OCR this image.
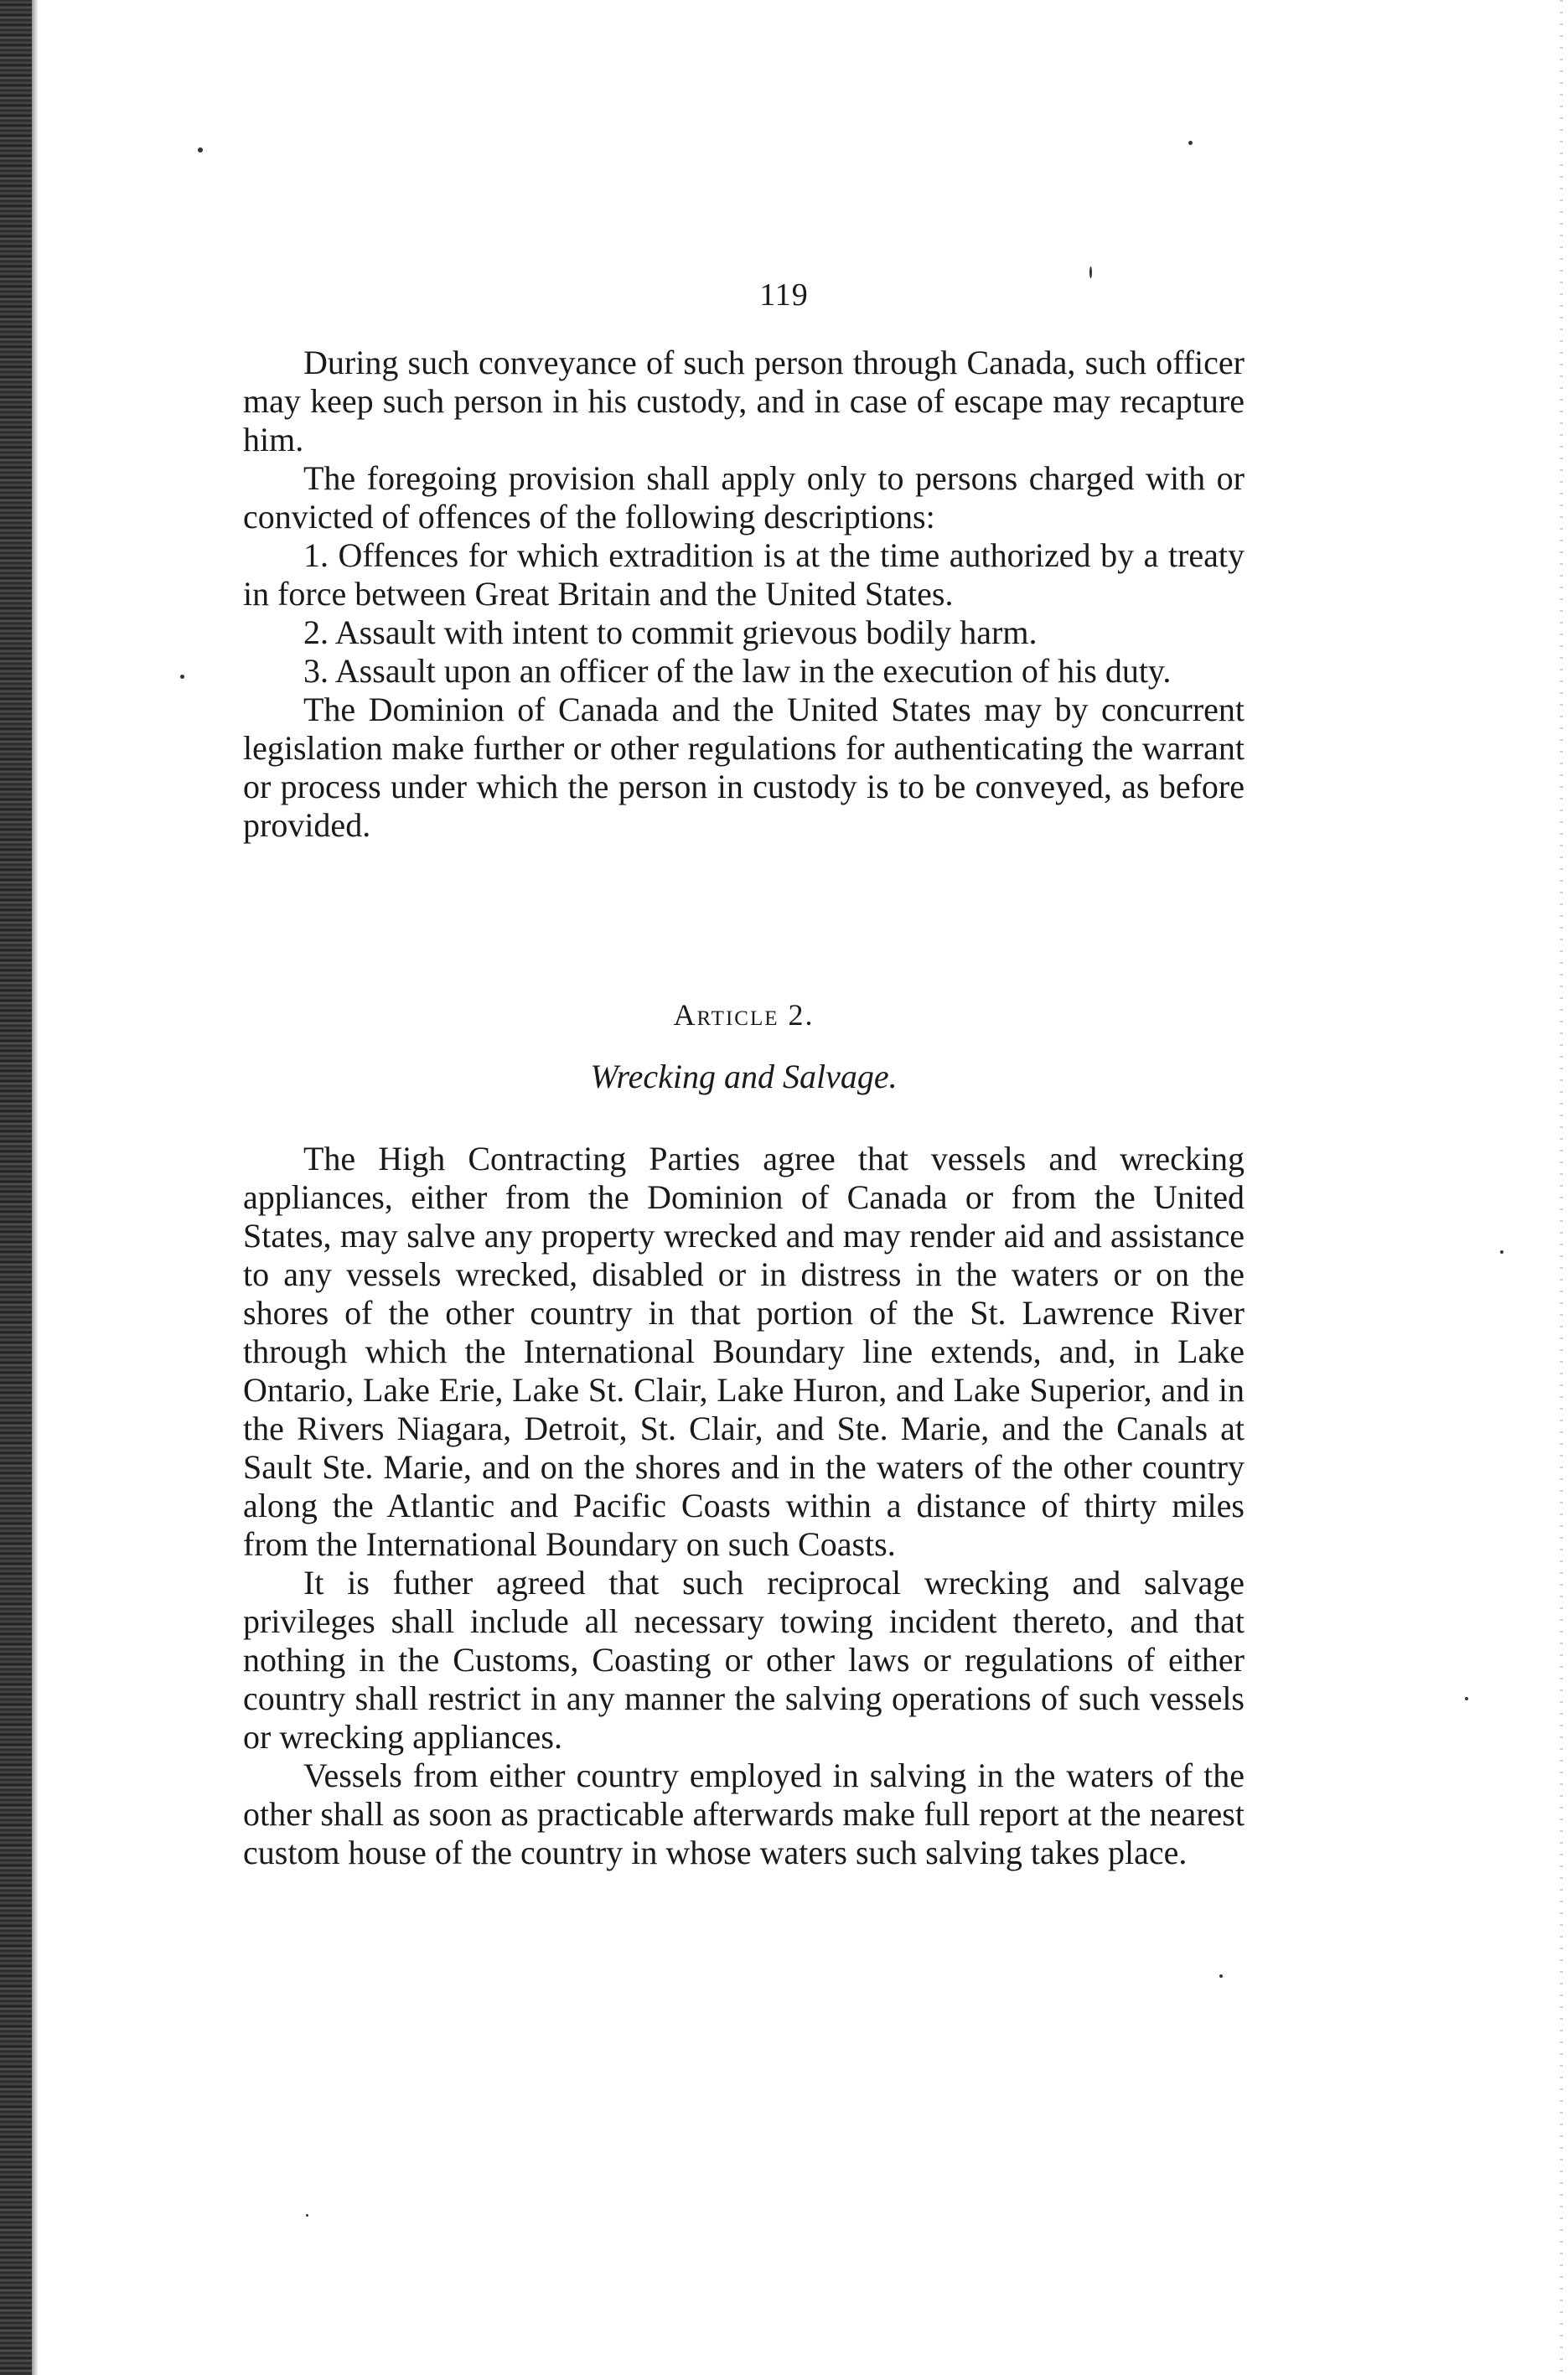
119

During such conveyance of such person through Canada, such officer may keep such person in his custody, and in case of escape may recapture him.

The foregoing provision shall apply only to persons charged with or convicted of offences of the following descriptions:

1. Offences for which extradition is at the time authorized by a treaty in force between Great Britain and the United States.

2. Assault with intent to commit grievous bodily harm.

3. Assault upon an officer of the law in the execution of his duty.

The Dominion of Canada and the United States may by concurrent legislation make further or other regulations for authenticating the warrant or process under which the person in custody is to be conveyed, as before provided.

Article 2.

Wrecking and Salvage.

The High Contracting Parties agree that vessels and wrecking appliances, either from the Dominion of Canada or from the United States, may salve any property wrecked and may render aid and assistance to any vessels wrecked, disabled or in distress in the waters or on the shores of the other country in that portion of the St. Lawrence River through which the International Boundary line extends, and, in Lake Ontario, Lake Erie, Lake St. Clair, Lake Huron, and Lake Superior, and in the Rivers Niagara, Detroit, St. Clair, and Ste. Marie, and the Canals at Sault Ste. Marie, and on the shores and in the waters of the other country along the Atlantic and Pacific Coasts within a distance of thirty miles from the International Boundary on such Coasts.

It is futher agreed that such reciprocal wrecking and salvage privileges shall include all necessary towing incident thereto, and that nothing in the Customs, Coasting or other laws or regulations of either country shall restrict in any manner the salving operations of such vessels or wrecking appliances.

Vessels from either country employed in salving in the waters of the other shall as soon as practicable afterwards make full report at the nearest custom house of the country in whose waters such salving takes place.
